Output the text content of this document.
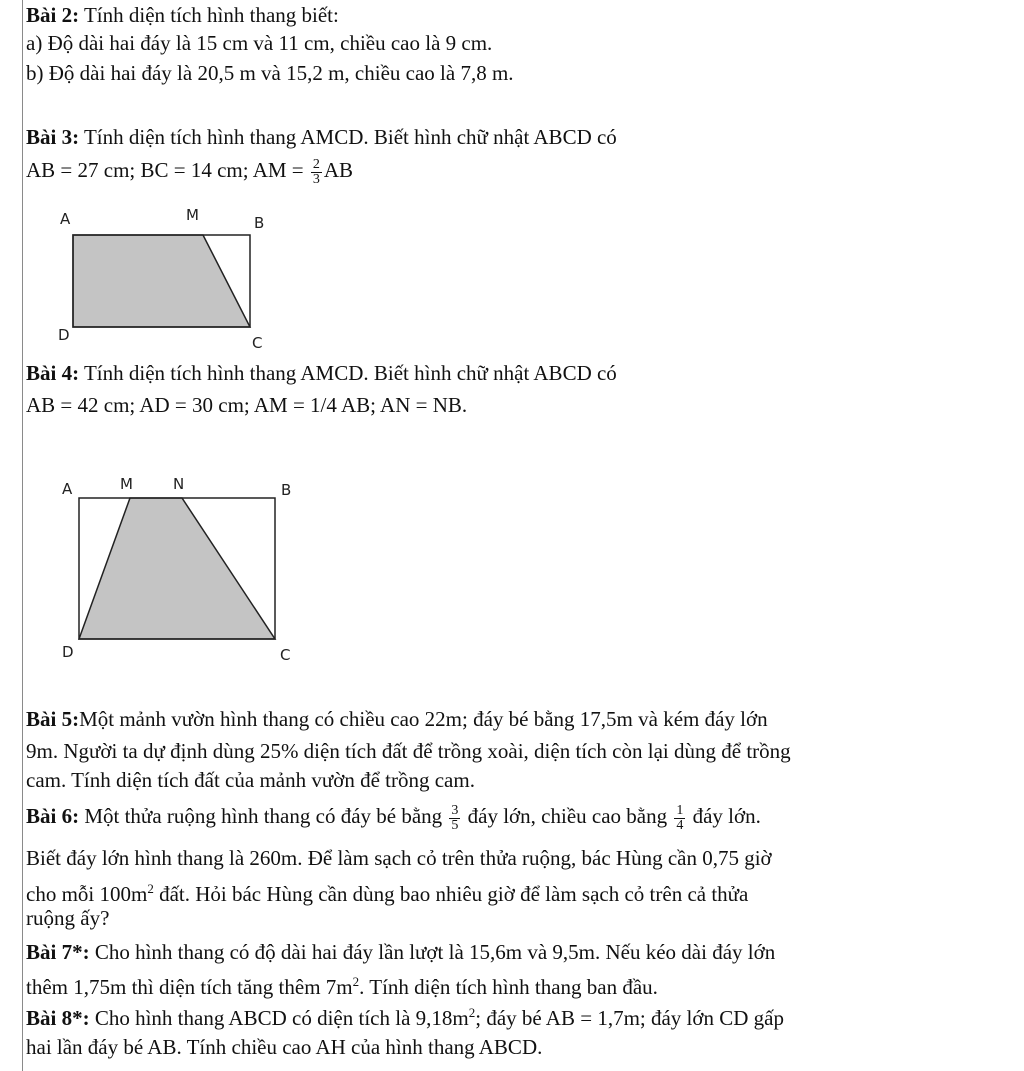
Bài 2: Tính diện tích hình thang biết:
a) Độ dài hai đáy là 15 cm và 11 cm, chiều cao là 9 cm.
b) Độ dài hai đáy là 20,5 m và 15,2 m, chiều cao là 7,8 m.
Bài 3: Tính diện tích hình thang AMCD. Biết hình chữ nhật ABCD có
AB = 27 cm; BC = 14 cm; AM = $\frac{2}{3}$ AB
A	M	B
D	C
Bài 4: Tính diện tích hình thang AMCD. Biết hình chữ nhật ABCD có
AB = 42 cm; AD = 30 cm; AM = 1/4 AB; AN = NB.
A	M	N	B
D	C
Bài 5:Một mảnh vườn hình thang có chiều cao 22m; đáy bé bằng 17,5m và kém đáy lớn
9m. Người ta dự định dùng 25% diện tích đất để trồng xoài, diện tích còn lại dùng để trồng
cam. Tính diện tích đất của mảnh vườn để trồng cam.
Bài 6: Một thửa ruộng hình thang có đáy bé bằng $\frac{3}{5}$ đáy lớn, chiều cao bằng $\frac{1}{4}$ đáy lớn.
Biết đáy lớn hình thang là 260m. Để làm sạch cỏ trên thửa ruộng, bác Hùng cần 0,75 giờ
cho mỗi $100m^2$ đất. Hỏi bác Hùng cần dùng bao nhiêu giờ để làm sạch cỏ trên cả thửa
ruộng ấy?
Bài 7*: Cho hình thang có độ dài hai đáy lần lượt là 15,6m và 9,5m. Nếu kéo dài đáy lớn
thêm 1,75m thì diện tích tăng thêm $7m^2$. Tính diện tích hình thang ban đầu.
Bài 8*: Cho hình thang ABCD có diện tích là $9,18m^2$; đáy bé AB = 1,7m; đáy lớn CD gấp
hai lần đáy bé AB. Tính chiều cao AH của hình thang ABCD.
